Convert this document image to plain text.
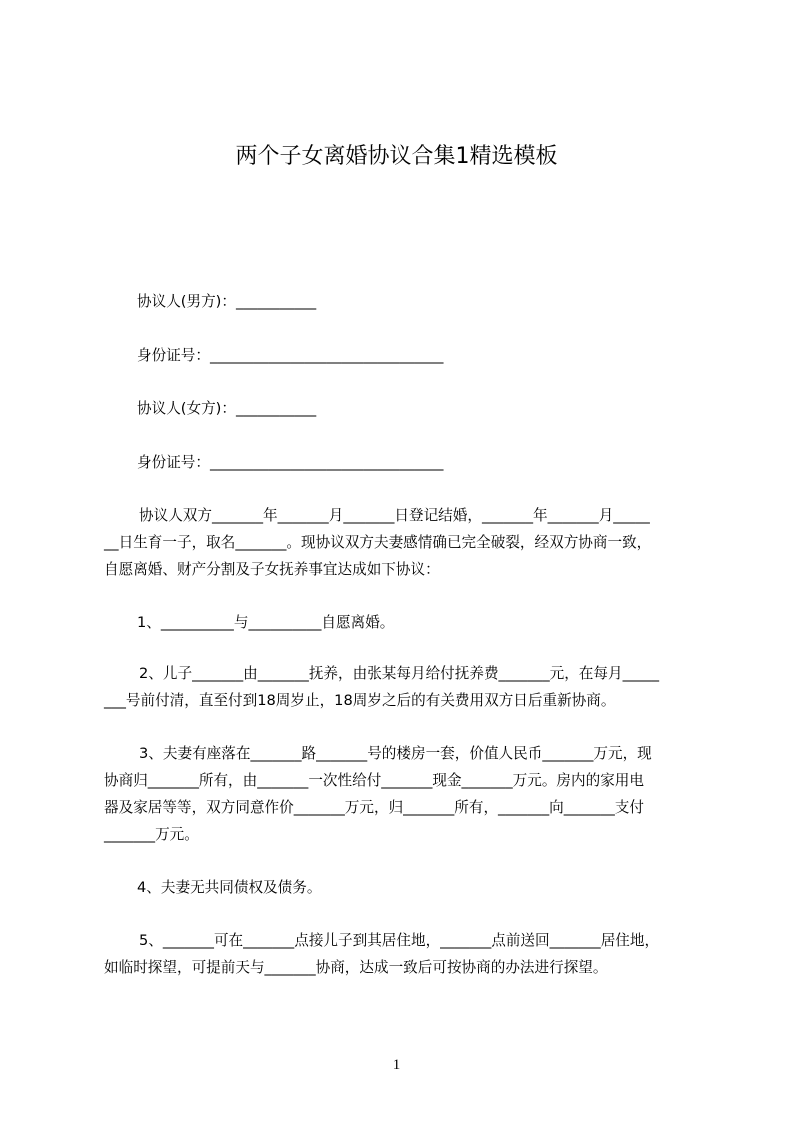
两个子女离婚协议合集1精选模板

协议人(男方)：___________

身份证号：________________________________

协议人(女方)：___________

身份证号：________________________________

协议人双方_______年_______月_______日登记结婚，_______年_______月_____

__日生育一子，取名_______。现协议双方夫妻感情确已完全破裂，经双方协商一致，

自愿离婚、财产分割及子女抚养事宜达成如下协议：

1、__________与__________自愿离婚。

2、儿子_______由_______抚养，由张某每月给付抚养费_______元，在每月_____

___号前付清，直至付到18周岁止，18周岁之后的有关费用双方日后重新协商。

3、夫妻有座落在_______路_______号的楼房一套，价值人民币_______万元，现

协商归_______所有，由_______一次性给付_______现金_______万元。房内的家用电

器及家居等等，双方同意作价_______万元，归_______所有，_______向_______支付

_______万元。

4、夫妻无共同债权及债务。

5、_______可在_______点接儿子到其居住地，_______点前送回_______居住地，

如临时探望，可提前天与_______协商，达成一致后可按协商的办法进行探望。

1
